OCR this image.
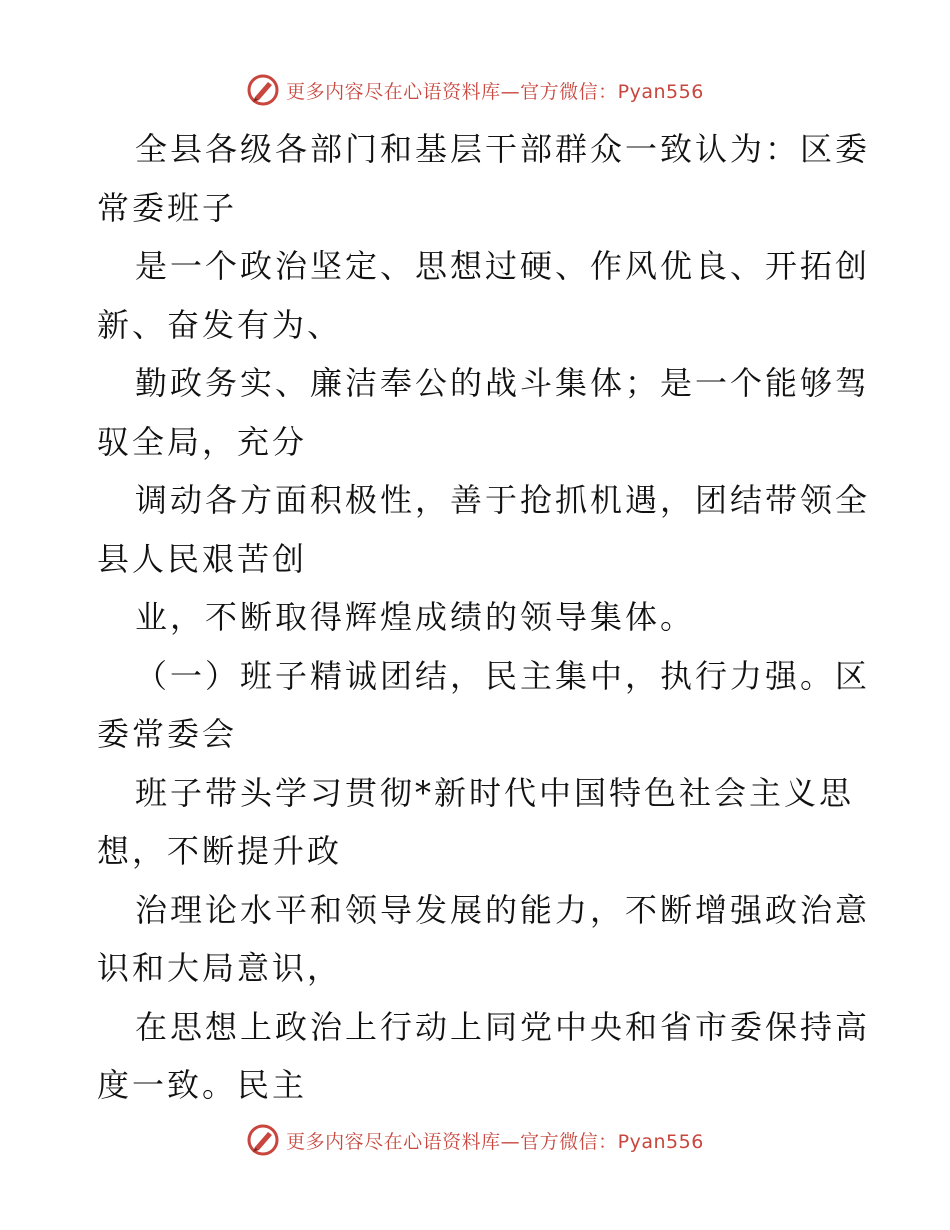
更多内容尽在心语资料库—官方微信：Pyan556
全县各级各部门和基层干部群众一致认为：区委
常委班子
是一个政治坚定、思想过硬、作风优良、开拓创
新、奋发有为、
勤政务实、廉洁奉公的战斗集体；是一个能够驾
驭全局，充分
调动各方面积极性，善于抢抓机遇，团结带领全
县人民艰苦创
业，不断取得辉煌成绩的领导集体。
（一）班子精诚团结，民主集中，执行力强。区
委常委会
班子带头学习贯彻*新时代中国特色社会主义思
想，不断提升政
治理论水平和领导发展的能力，不断增强政治意
识和大局意识，
在思想上政治上行动上同党中央和省市委保持高
度一致。民主
更多内容尽在心语资料库—官方微信：Pyan556
